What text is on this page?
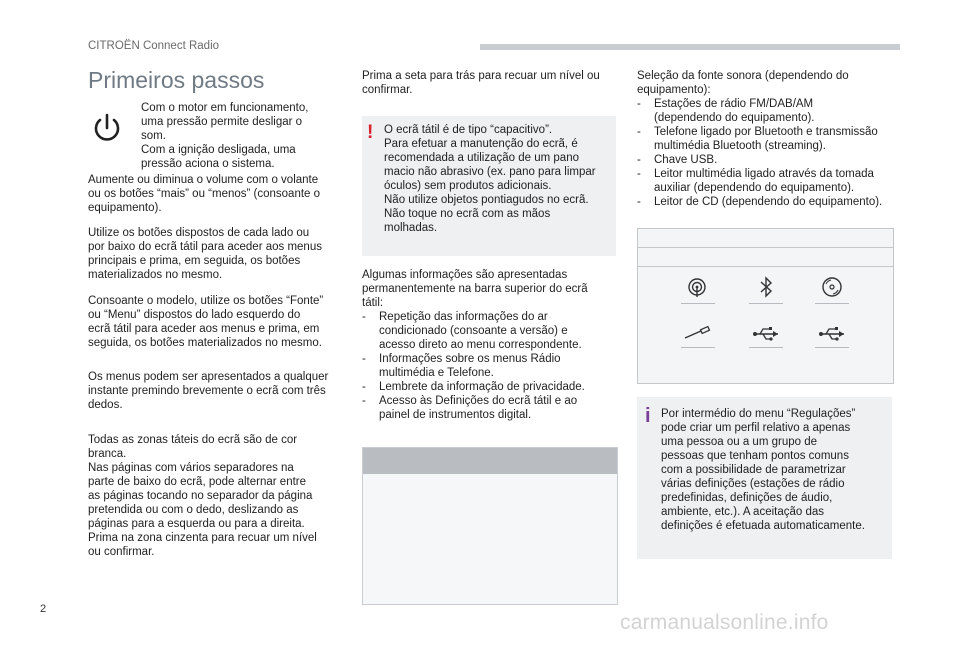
CITROËN Connect Radio
Primeiros passos

Com o motor em funcionamento,

uma pressão permite desligar o

som.

Com a ignição desligada, uma

pressão aciona o sistema.

Aumente ou diminua o volume com o volante

ou os botões “mais” ou “menos” (consoante o

equipamento).

Utilize os botões dispostos de cada lado ou

por baixo do ecrã tátil para aceder aos menus

principais e prima, em seguida, os botões

materializados no mesmo.

Consoante o modelo, utilize os botões “Fonte”

ou “Menu” dispostos do lado esquerdo do

ecrã tátil para aceder aos menus e prima, em

seguida, os botões materializados no mesmo.

Os menus podem ser apresentados a qualquer

instante premindo brevemente o ecrã com três

dedos.

Todas as zonas táteis do ecrã são de cor

branca.

Nas páginas com vários separadores na

parte de baixo do ecrã, pode alternar entre

as páginas tocando no separador da página

pretendida ou com o dedo, deslizando as

páginas para a esquerda ou para a direita.

Prima na zona cinzenta para recuar um nível

ou confirmar.

Prima a seta para trás para recuar um nível ou

confirmar.

! O ecrã tátil é de tipo “capacitivo”.

Para efetuar a manutenção do ecrã, é

recomendada a utilização de um pano

macio não abrasivo (ex. pano para limpar

óculos) sem produtos adicionais.

Não utilize objetos pontiagudos no ecrã.

Não toque no ecrã com as mãos

molhadas.

Algumas informações são apresentadas

permanentemente na barra superior do ecrã

tátil:

- Repetição das informações do ar

condicionado (consoante a versão) e

acesso direto ao menu correspondente.

- Informações sobre os menus Rádio

multimédia e Telefone.

- Lembrete da informação de privacidade.

- Acesso às Definições do ecrã tátil e ao

painel de instrumentos digital.

Seleção da fonte sonora (dependendo do

equipamento):

- Estações de rádio FM/DAB/AM

(dependendo do equipamento).

- Telefone ligado por Bluetooth e transmissão

multimédia Bluetooth (streaming).

- Chave USB.

- Leitor multimédia ligado através da tomada

auxiliar (dependendo do equipamento).

- Leitor de CD (dependendo do equipamento).

i Por intermédio do menu “Regulações”

pode criar um perfil relativo a apenas

uma pessoa ou a um grupo de

pessoas que tenham pontos comuns

com a possibilidade de parametrizar

várias definições (estações de rádio

predefinidas, definições de áudio,

ambiente, etc.). A aceitação das

definições é efetuada automaticamente.

2
carmanualsonline.info
